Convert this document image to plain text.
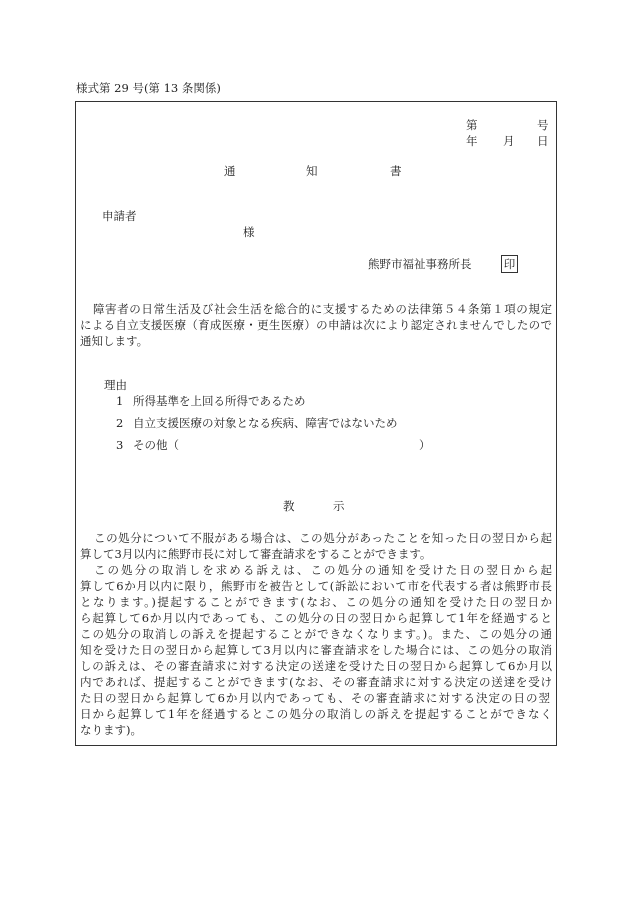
様式第 29 号(第 13 条関係)
第	号
年 月 日
通	知	書
申請者
様
熊野市福祉事務所長	印
障害者の日常生活及び社会生活を総合的に支援するための法律第５４条第１項の規定
による自立支援医療（育成医療・更生医療）の申請は次により認定されませんでしたので
通知します。
理由
1 所得基準を上回る所得であるため
2 自立支援医療の対象となる疾病、障害ではないため
3 その他（	）
教	示
この処分について不服がある場合は、この処分があったことを知った日の翌日から起
算して3月以内に熊野市長に対して審査請求をすることができます。
この処分の取消しを求める訴えは、この処分の通知を受けた日の翌日から起
算して6か月以内に限り，熊野市を被告として(訴訟において市を代表する者は熊野市長
となります。)提起することができます(なお、この処分の通知を受けた日の翌日か
ら起算して6か月以内であっても、この処分の日の翌日から起算して1年を経過すると
この処分の取消しの訴えを提起することができなくなります。)。また、この処分の通
知を受けた日の翌日から起算して3月以内に審査請求をした場合には、この処分の取消
しの訴えは、その審査請求に対する決定の送達を受けた日の翌日から起算して6か月以
内であれば、提起することができます(なお、その審査請求に対する決定の送達を受け
た日の翌日から起算して6か月以内であっても、その審査請求に対する決定の日の翌
日から起算して1年を経過するとこの処分の取消しの訴えを提起することができなく
なります)。
